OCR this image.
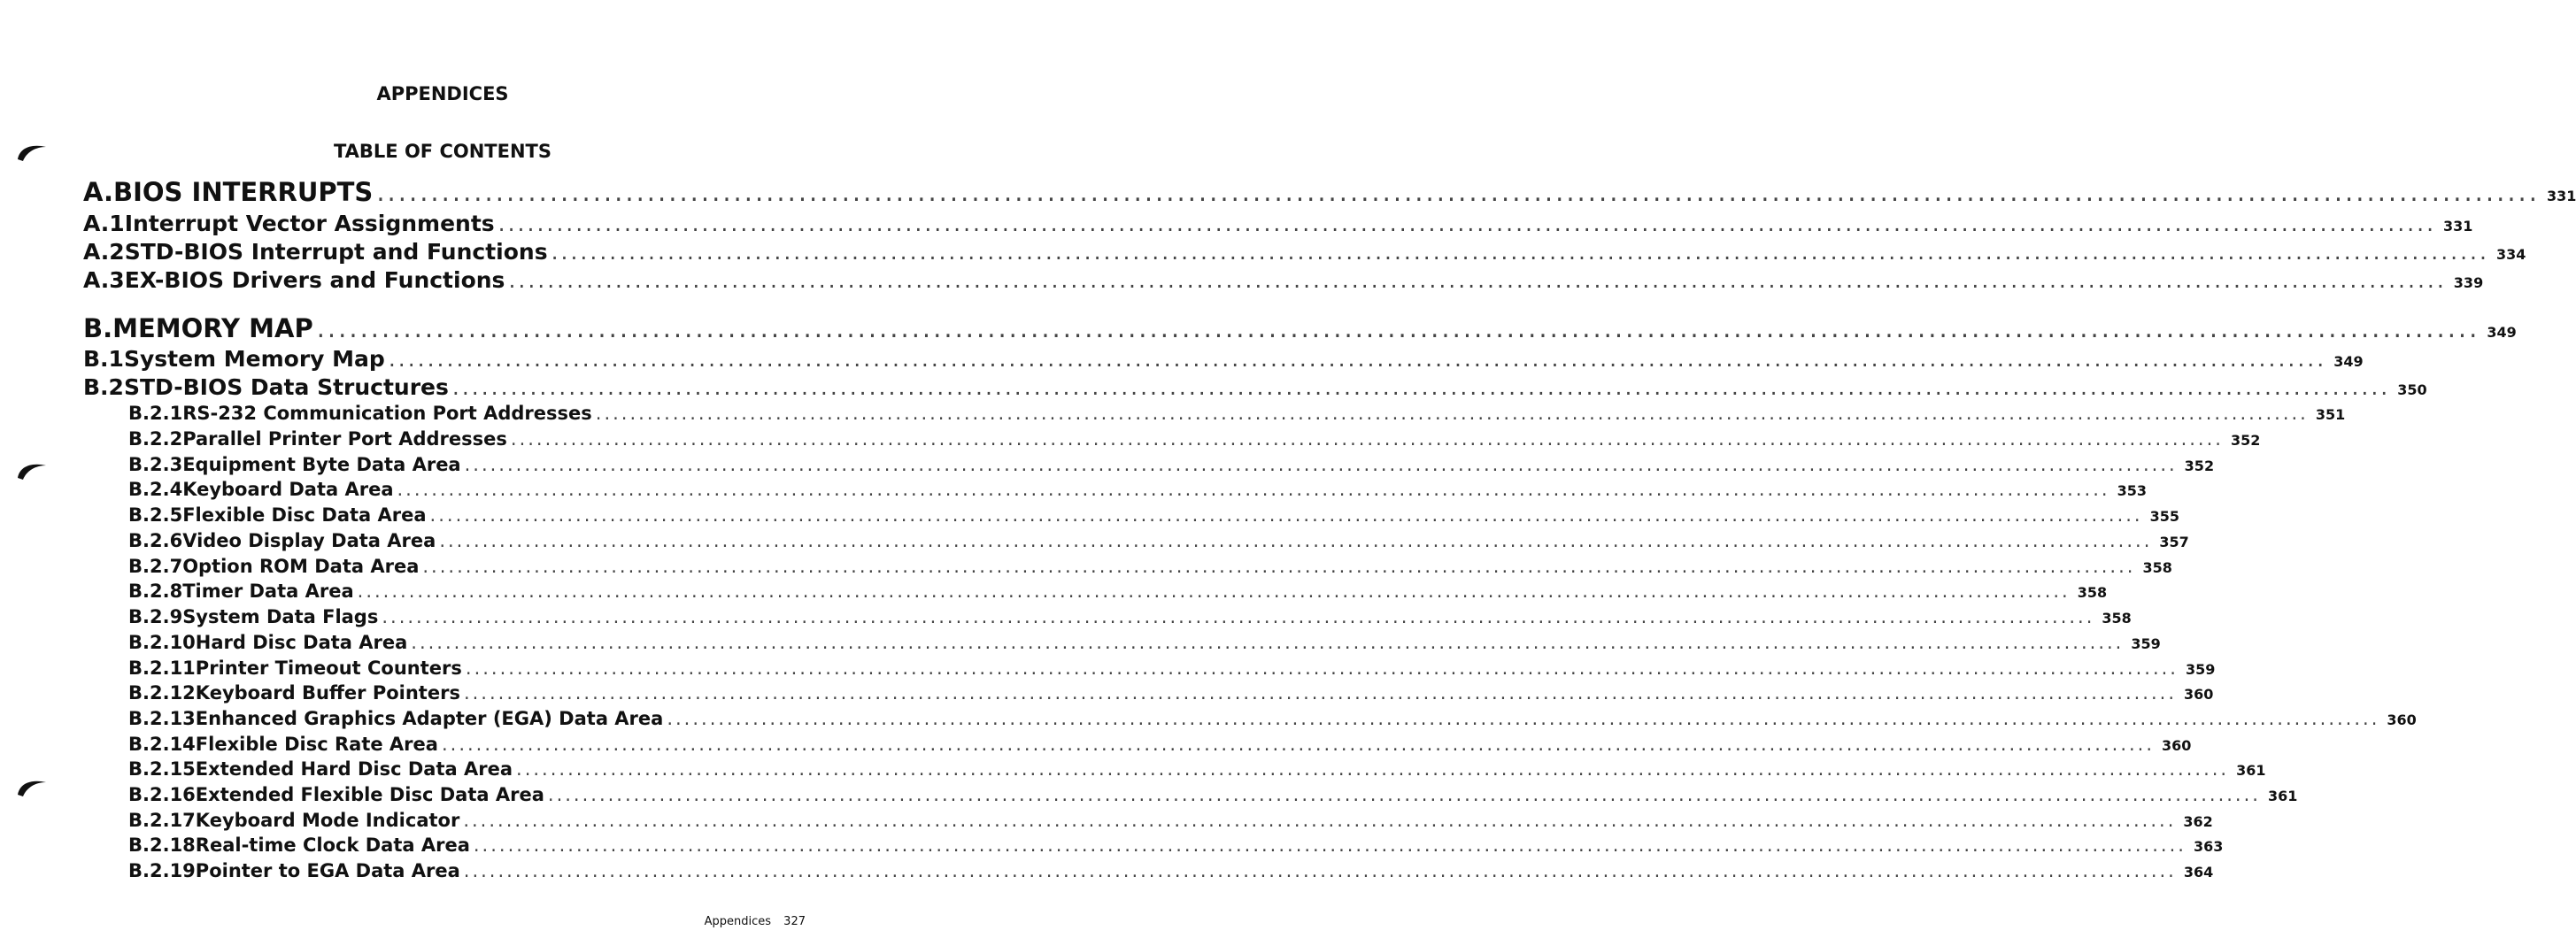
APPENDICES
TABLE OF CONTENTS
A. BIOS INTERRUPTS ........................................................................................................................................................................................................ 331
A.1 Interrupt Vector Assignments ........................................................................................................................................................................................................ 331
A.2 STD-BIOS Interrupt and Functions ........................................................................................................................................................................................................ 334
A.3 EX-BIOS Drivers and Functions ........................................................................................................................................................................................................ 339
B. MEMORY MAP ........................................................................................................................................................................................................ 349
B.1 System Memory Map ........................................................................................................................................................................................................ 349
B.2 STD-BIOS Data Structures ........................................................................................................................................................................................................ 350
B.2.1 RS-232 Communication Port Addresses ........................................................................................................................................................................................................ 351
B.2.2 Parallel Printer Port Addresses ........................................................................................................................................................................................................ 352
B.2.3 Equipment Byte Data Area ........................................................................................................................................................................................................ 352
B.2.4 Keyboard Data Area ........................................................................................................................................................................................................ 353
B.2.5 Flexible Disc Data Area ........................................................................................................................................................................................................ 355
B.2.6 Video Display Data Area ........................................................................................................................................................................................................ 357
B.2.7 Option ROM Data Area ........................................................................................................................................................................................................ 358
B.2.8 Timer Data Area ........................................................................................................................................................................................................ 358
B.2.9 System Data Flags ........................................................................................................................................................................................................ 358
B.2.10 Hard Disc Data Area ........................................................................................................................................................................................................ 359
B.2.11 Printer Timeout Counters ........................................................................................................................................................................................................ 359
B.2.12 Keyboard Buffer Pointers ........................................................................................................................................................................................................ 360
B.2.13 Enhanced Graphics Adapter (EGA) Data Area ........................................................................................................................................................................................................ 360
B.2.14 Flexible Disc Rate Area ........................................................................................................................................................................................................ 360
B.2.15 Extended Hard Disc Data Area ........................................................................................................................................................................................................ 361
B.2.16 Extended Flexible Disc Data Area ........................................................................................................................................................................................................ 361
B.2.17 Keyboard Mode Indicator ........................................................................................................................................................................................................ 362
B.2.18 Real-time Clock Data Area ........................................................................................................................................................................................................ 363
B.2.19 Pointer to EGA Data Area ........................................................................................................................................................................................................ 364
Appendices 327
